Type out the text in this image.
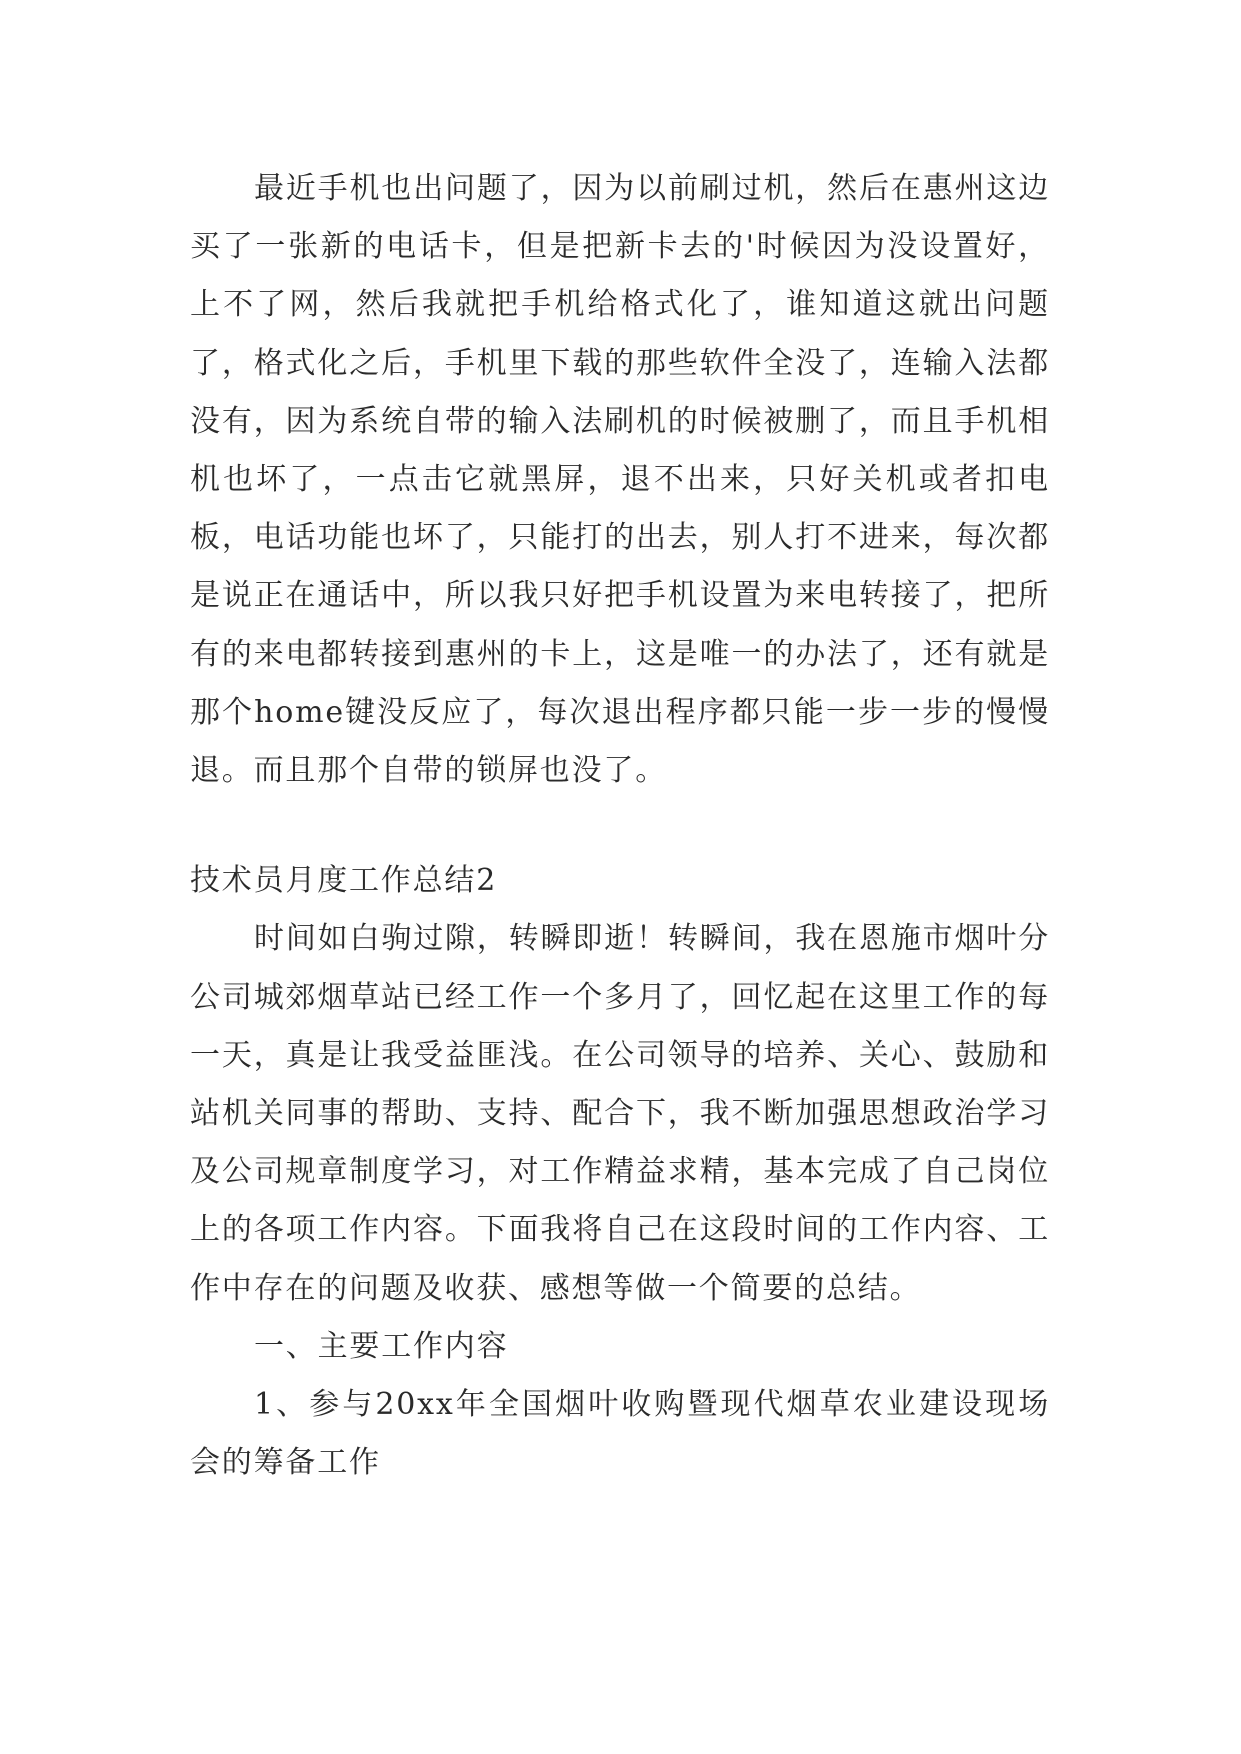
最近手机也出问题了，因为以前刷过机，然后在惠州这边买了一张新的电话卡，但是把新卡去的'时候因为没设置好，上不了网，然后我就把手机给格式化了，谁知道这就出问题了，格式化之后，手机里下载的那些软件全没了，连输入法都没有，因为系统自带的输入法刷机的时候被删了，而且手机相机也坏了，一点击它就黑屏，退不出来，只好关机或者扣电板，电话功能也坏了，只能打的出去，别人打不进来，每次都是说正在通话中，所以我只好把手机设置为来电转接了，把所有的来电都转接到惠州的卡上，这是唯一的办法了，还有就是那个home键没反应了，每次退出程序都只能一步一步的慢慢退。而且那个自带的锁屏也没了。

技术员月度工作总结2

时间如白驹过隙，转瞬即逝！转瞬间，我在恩施市烟叶分公司城郊烟草站已经工作一个多月了，回忆起在这里工作的每一天，真是让我受益匪浅。在公司领导的培养、关心、鼓励和站机关同事的帮助、支持、配合下，我不断加强思想政治学习及公司规章制度学习，对工作精益求精，基本完成了自己岗位上的各项工作内容。下面我将自己在这段时间的工作内容、工作中存在的问题及收获、感想等做一个简要的总结。

一、主要工作内容

1、参与20xx年全国烟叶收购暨现代烟草农业建设现场会的筹备工作
